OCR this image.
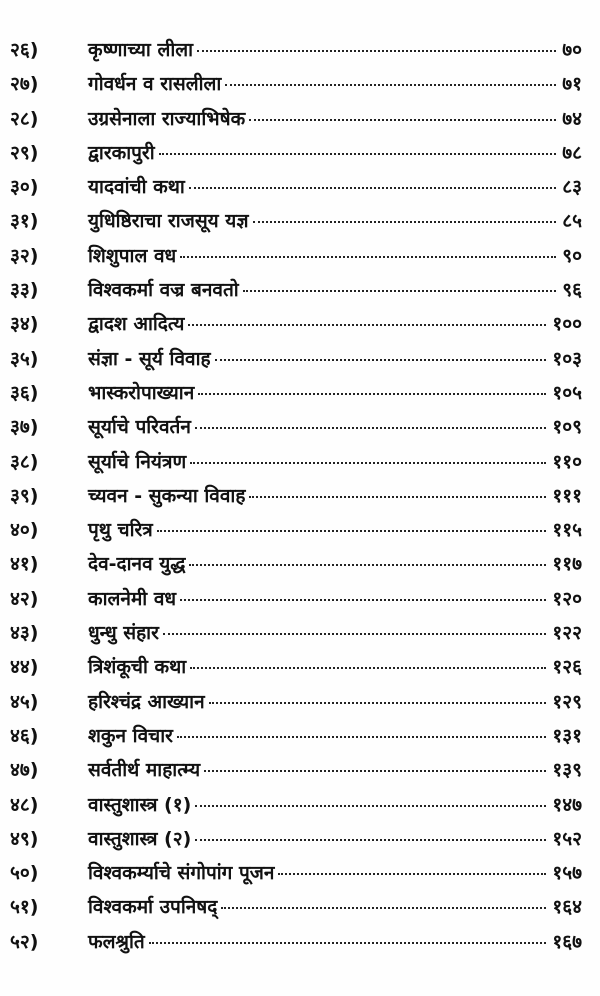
२६)	कृष्णाच्या लीला	७०
२७)	गोवर्धन व रासलीला	७१
२८)	उग्रसेनाला राज्याभिषेक	७४
२९)	द्वारकापुरी	७८
३०)	यादवांची कथा	८३
३१)	युधिष्ठिराचा राजसूय यज्ञ	८५
३२)	शिशुपाल वध	९०
३३)	विश्वकर्मा वज्र बनवतो	९६
३४)	द्वादश आदित्य	१००
३५)	संज्ञा - सूर्य विवाह	१०३
३६)	भास्करोपाख्यान	१०५
३७)	सूर्याचे परिवर्तन	१०९
३८)	सूर्याचे नियंत्रण	११०
३९)	च्यवन - सुकन्या विवाह	१११
४०)	पृथु चरित्र	११५
४१)	देव-दानव युद्ध	११७
४२)	कालनेमी वध	१२०
४३)	धुन्धु संहार	१२२
४४)	त्रिशंकूची कथा	१२६
४५)	हरिश्चंद्र आख्यान	१२९
४६)	शकुन विचार	१३१
४७)	सर्वतीर्थ माहात्म्य	१३९
४८)	वास्तुशास्त्र (१)	१४७
४९)	वास्तुशास्त्र (२)	१५२
५०)	विश्वकर्म्याचे संगोपांग पूजन	१५७
५१)	विश्वकर्मा उपनिषद्	१६४
५२)	फलश्रुति	१६७
